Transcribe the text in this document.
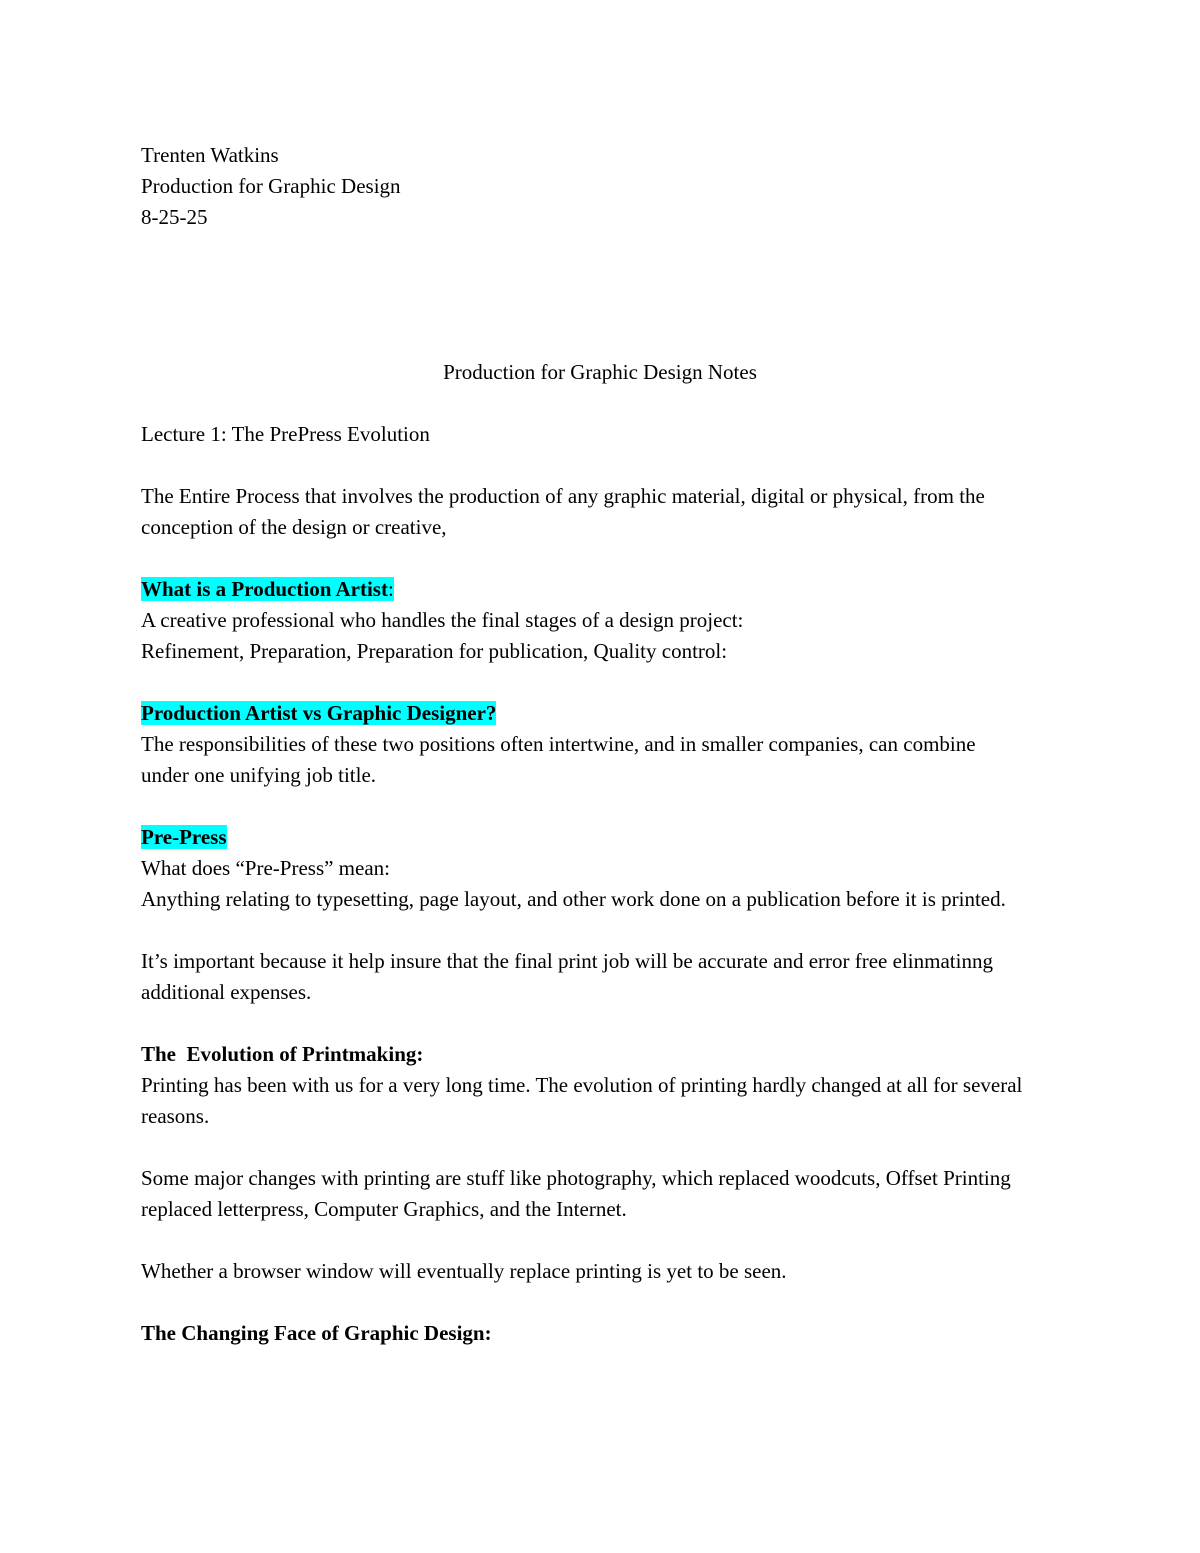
Trenten Watkins
Production for Graphic Design
8-25-25
Production for Graphic Design Notes
Lecture 1: The PrePress Evolution

The Entire Process that involves the production of any graphic material, digital or physical, from the conception of the design or creative,

What is a Production Artist:
A creative professional who handles the final stages of a design project:
Refinement, Preparation, Preparation for publication, Quality control:
Production Artist vs Graphic Designer?

The responsibilities of these two positions often intertwine, and in smaller companies, can combine under one unifying job title.

Pre-Press
What does “Pre-Press” mean:

Anything relating to typesetting, page layout, and other work done on a publication before it is printed.

It’s important because it help insure that the final print job will be accurate and error free elinmatinng additional expenses.

The  Evolution of Printmaking:

Printing has been with us for a very long time. The evolution of printing hardly changed at all for several reasons.

Some major changes with printing are stuff like photography, which replaced woodcuts, Offset Printing replaced letterpress, Computer Graphics, and the Internet.

Whether a browser window will eventually replace printing is yet to be seen.
The Changing Face of Graphic Design:
